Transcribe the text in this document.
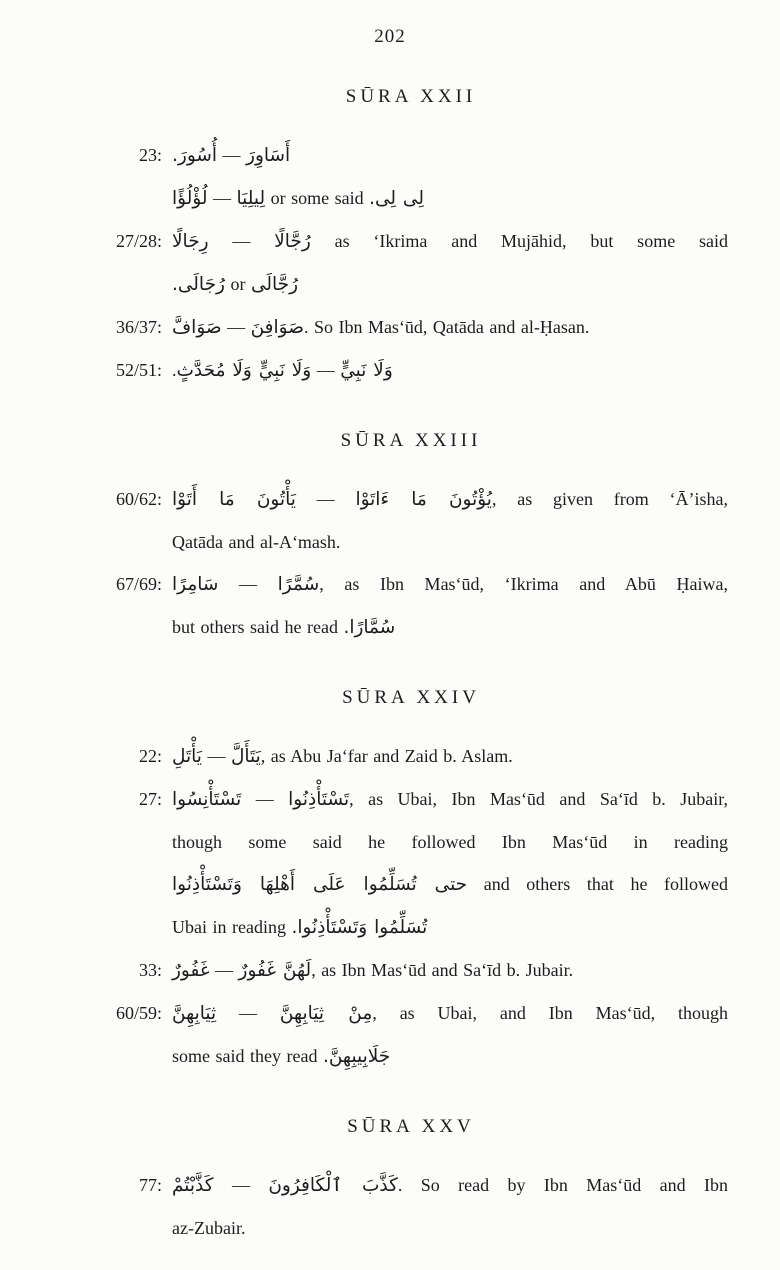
202
SŪRA XXII
23: أُسُورَ. — أَسَاوِرَ
لُؤْلُؤًا — لِيلِيَا or some said لِى لِى.
27/28: رِجَالًا — رُجَّالًا as ‘Ikrima and Mujāhid, but some said
رُجَالَى. or رُجَّالَى
36/37: صَوَافَّ — صَوَافِنَ. So Ibn Mas‘ūd, Qatāda and al-Ḥasan.
52/51: .وَلَا نَبِيٍّ وَلَا مُحَدَّثٍ — وَلَا نَبِيٍّ
SŪRA XXIII
60/62: يَأْتُونَ مَا أَتَوْا — يُؤْتُونَ مَا ءَاتَوْا, as given from ‘Ā’isha,
Qatāda and al-A‘mash.
67/69: سَامِرًا — سُمَّرًا, as Ibn Mas‘ūd, ‘Ikrima and Abū Ḥaiwa,
but others said he read سُمَّارًا.
SŪRA XXIV
22: يَأْتَلِ — يَتَأَلَّ, as Abu Ja‘far and Zaid b. Aslam.
27: تَسْتَأْنِسُوا — تَسْتَأْذِنُوا, as Ubai, Ibn Mas‘ūd and Sa‘īd b. Jubair,
though some said he followed Ibn Mas‘ūd in reading
حتى تُسَلِّمُوا عَلَى أَهْلِهَا وَتَسْتَأْذِنُوا and others that he followed
Ubai in reading تُسَلِّمُوا وَتَسْتَأْذِنُوا.
33: غَفُورٌ — لَهُنَّ غَفُورٌ, as Ibn Mas‘ūd and Sa‘īd b. Jubair.
60/59: ثِيَابِهِنَّ — مِنْ ثِيَابِهِنَّ, as Ubai, and Ibn Mas‘ūd, though
some said they read جَلَابِيبِهِنَّ.
SŪRA XXV
77: كَذَّبْتُمْ — كَذَّبَ ٱلْكَافِرُونَ. So read by Ibn Mas‘ūd and Ibn
az-Zubair.
